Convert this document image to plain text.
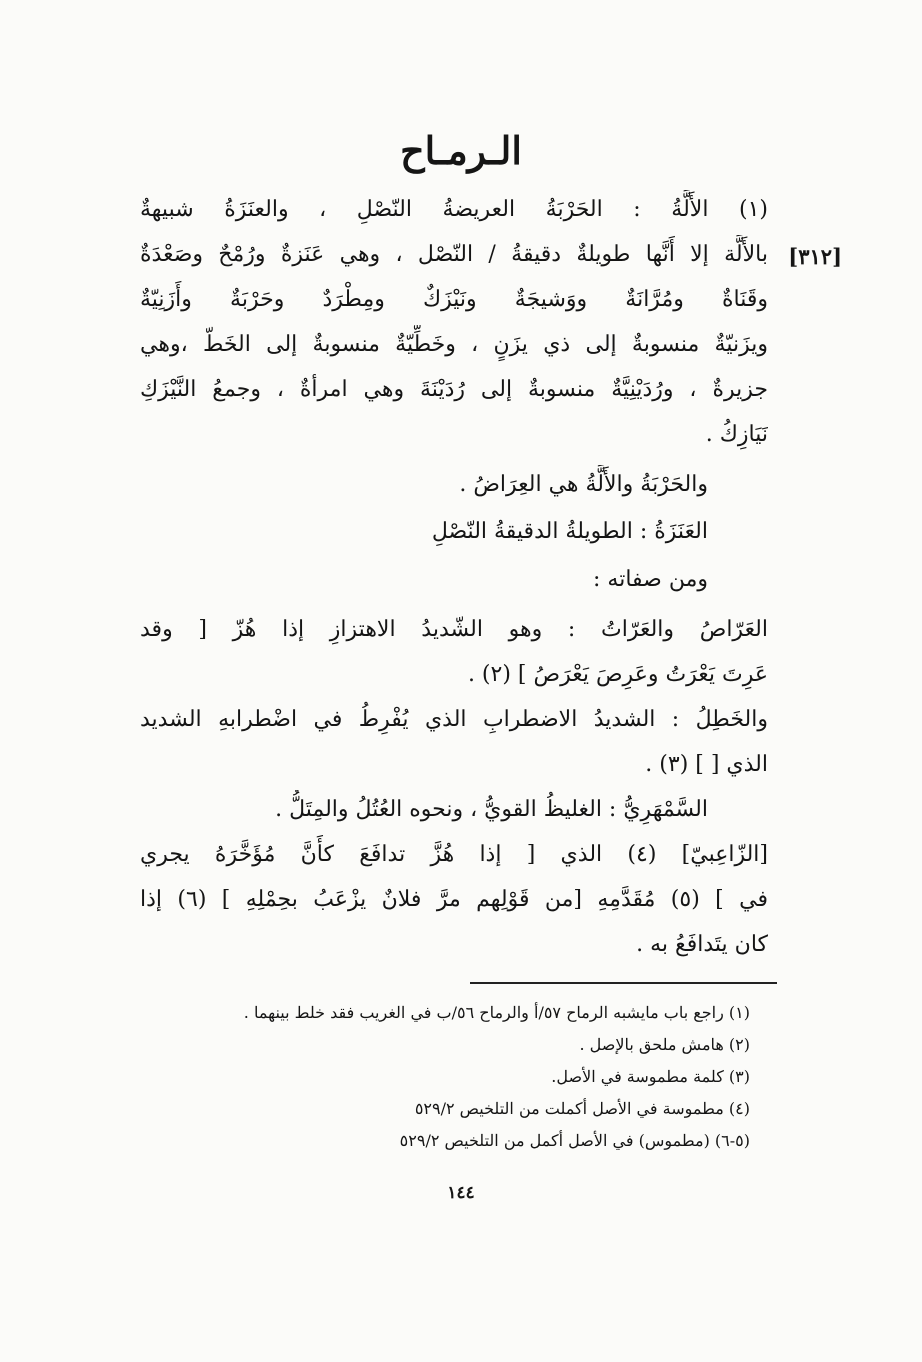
الـرمـاح
[٣١٢]
(١) الأَلَّةُ : الحَرْبَةُ العريضةُ النّصْلِ ، والعنَزَةُ شبيهةٌ
بالأَلَّة إلا أَنَّها طويلةٌ دقيقةُ / النّصْل ، وهي عَنَزةٌ ورُمْحٌ وصَعْدَةٌ
وقَنَاةٌ ومُرَّانَةٌ ووَشيجَةٌ ونَيْزَكٌ ومِطْرَدٌ وحَرْبَةٌ وأَزَنِيّةٌ
ويزَنيّةٌ منسوبةٌ إلى ذي يزَنٍ ، وخَطِّيّةٌ منسوبةٌ إلى الخَطّ ،وهي
جزيرةٌ ، ورُدَيْنِيَّةٌ منسوبةٌ إلى رُدَيْنَةَ وهي امرأةٌ ، وجمعُ النَّيْزَكِ
نَيَازِكُ .
والحَرْبَةُ والأَلَّةُ هي العِرَاضُ .
العَنَزَةُ : الطويلةُ الدقيقةُ النّصْلِ
ومن صفاته :
العَرّاصُ والعَرّاتُ : وهو الشّديدُ الاهتزازِ إذا هُزّ [ وقد
عَرِتَ يَعْرَتُ وعَرِصَ يَعْرَصُ ] (٢) .
والخَطِلُ : الشديدُ الاضطرابِ الذي يُفْرِطُ في اضْطرابهِ الشديد
الذي [ ] (٣) .
السَّمْهَرِيُّ : الغليظُ القويُّ ، ونحوه العُتُلُ والمِتَلُّ .
[الزّاعِبيّ] (٤) الذي [ إذا هُزَّ تدافَعَ كأَنَّ مُؤَخَّرَهُ يجري
في ] (٥) مُقَدَّمِهِ [من قَوْلِهم مرَّ فلانٌ يزْعَبُ بحِمْلِهِ ] (٦) إذا
كان يتَدافَعُ به .
(١) راجع باب مايشبه الرماح ٥٧/أ والرماح ٥٦/ب في الغريب فقد خلط بينهما .
(٢) هامش ملحق بالإصل .
(٣) كلمة مطموسة في الأصل.
(٤) مطموسة في الأصل أكملت من التلخيص ٥٢٩/٢
(٥-٦) (مطموس) في الأصل أكمل من التلخيص ٥٢٩/٢
١٤٤
